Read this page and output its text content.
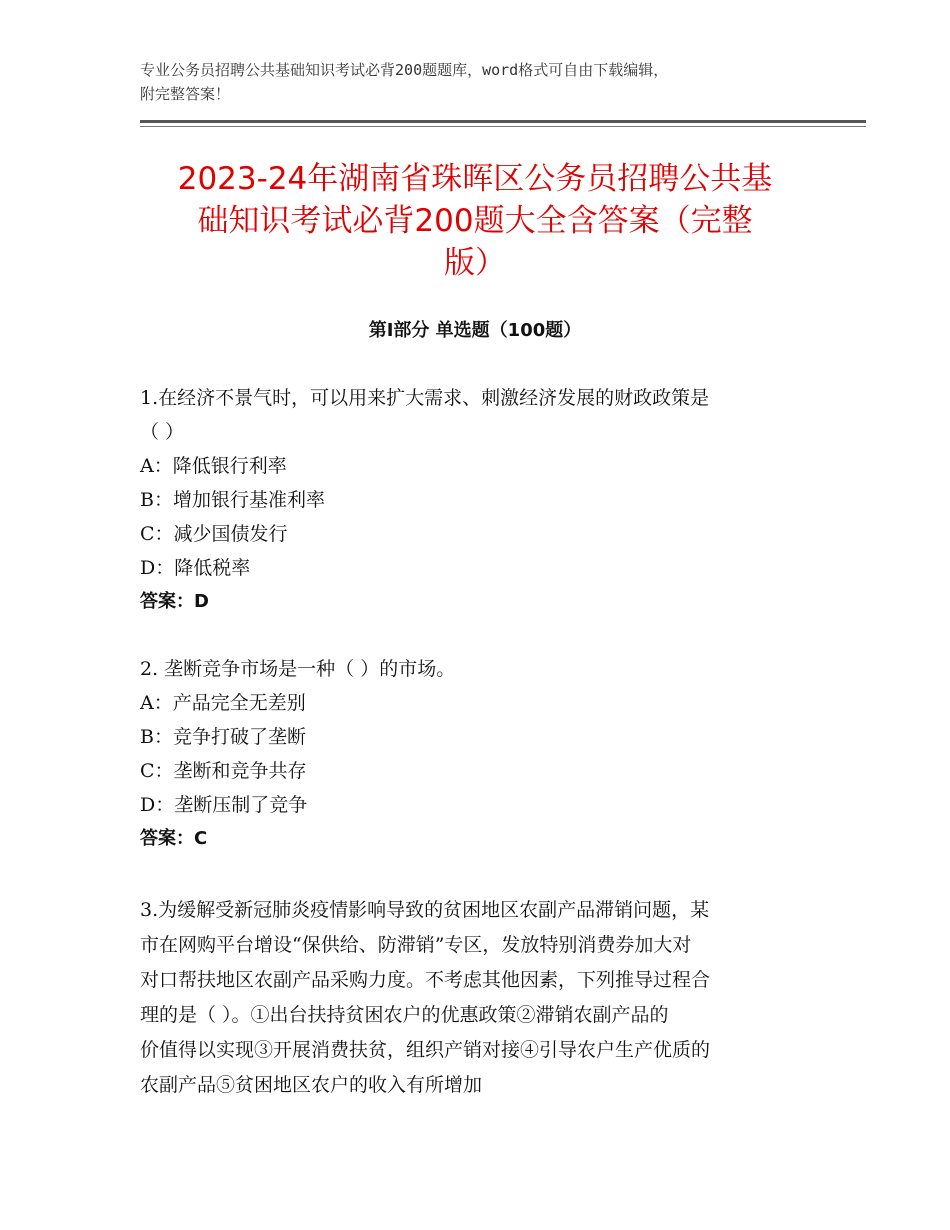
专业公务员招聘公共基础知识考试必背200题题库，word格式可自由下载编辑，
附完整答案！
2023-24年湖南省珠晖区公务员招聘公共基
础知识考试必背200题大全含答案（完整
版）
第Ⅰ部分 单选题（100题）

1.在经济不景气时，可以用来扩大需求、刺激经济发展的财政政策是

（ ）

A：降低银行利率

B：增加银行基准利率

C：减少国债发行

D：降低税率

答案：D

2. 垄断竞争市场是一种（ ）的市场。

A：产品完全无差别

B：竞争打破了垄断

C：垄断和竞争共存

D：垄断压制了竞争

答案：C

3.为缓解受新冠肺炎疫情影响导致的贫困地区农副产品滞销问题，某

市在网购平台增设“保供给、防滞销”专区，发放特别消费券加大对

对口帮扶地区农副产品采购力度。不考虑其他因素，下列推导过程合

理的是（ ）。①出台扶持贫困农户的优惠政策②滞销农副产品的

价值得以实现③开展消费扶贫，组织产销对接④引导农户生产优质的

农副产品⑤贫困地区农户的收入有所增加
